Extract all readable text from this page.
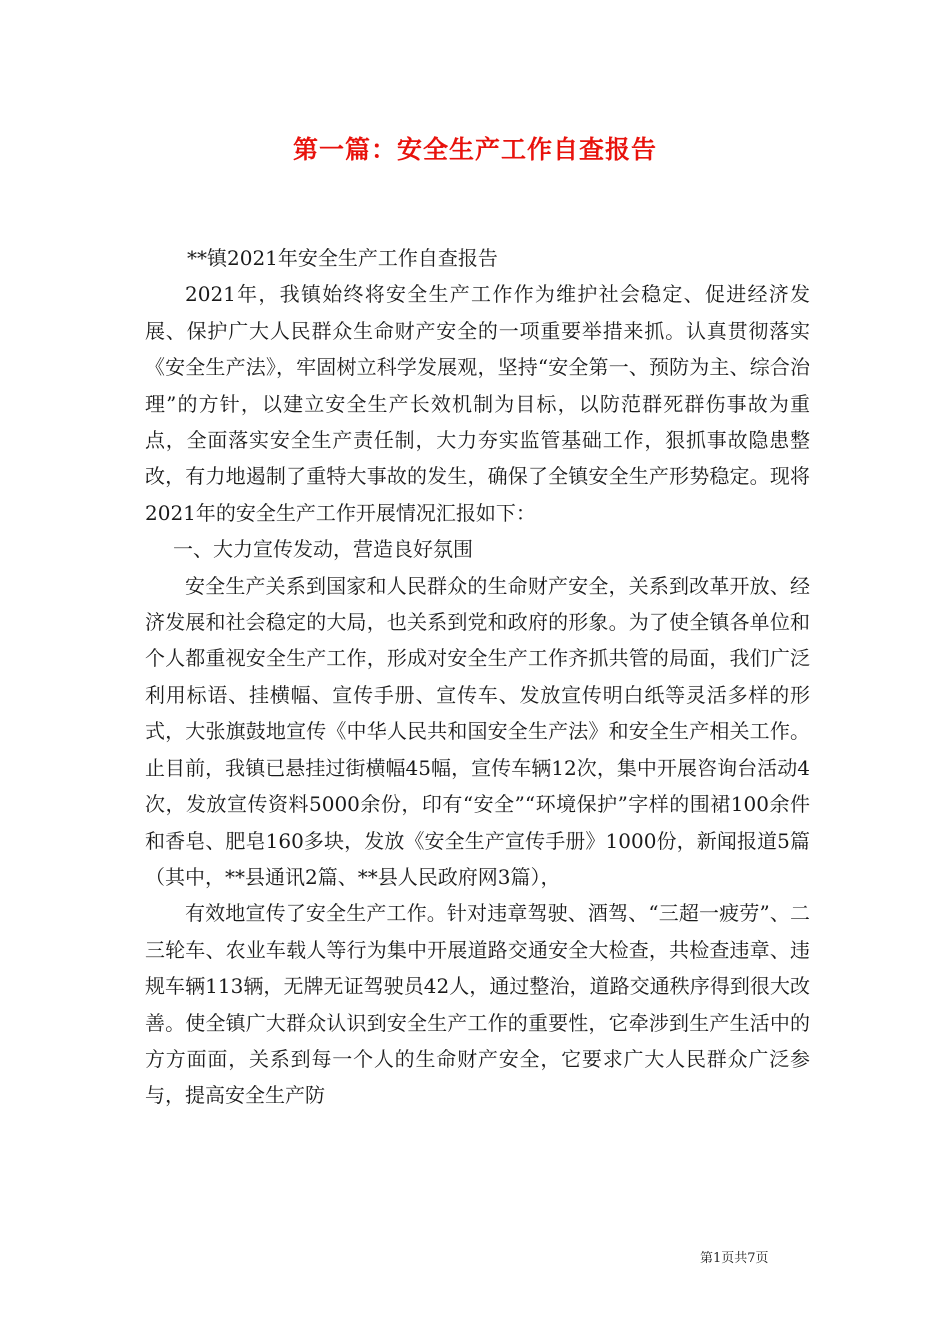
第一篇：安全生产工作自查报告

**镇2021年安全生产工作自查报告

2021年，我镇始终将安全生产工作作为维护社会稳定、促进经济发展、保护广大人民群众生命财产安全的一项重要举措来抓。认真贯彻落实《安全生产法》，牢固树立科学发展观，坚持“安全第一、预防为主、综合治理”的方针，以建立安全生产长效机制为目标，以防范群死群伤事故为重点，全面落实安全生产责任制，大力夯实监管基础工作，狠抓事故隐患整改，有力地遏制了重特大事故的发生，确保了全镇安全生产形势稳定。现将2021年的安全生产工作开展情况汇报如下：

一、大力宣传发动，营造良好氛围

安全生产关系到国家和人民群众的生命财产安全，关系到改革开放、经济发展和社会稳定的大局，也关系到党和政府的形象。为了使全镇各单位和个人都重视安全生产工作，形成对安全生产工作齐抓共管的局面，我们广泛利用标语、挂横幅、宣传手册、宣传车、发放宣传明白纸等灵活多样的形式，大张旗鼓地宣传《中华人民共和国安全生产法》和安全生产相关工作。止目前，我镇已悬挂过街横幅45幅，宣传车辆12次，集中开展咨询台活动4次，发放宣传资料5000余份，印有“安全”“环境保护”字样的围裙100余件和香皂、肥皂160多块，发放《安全生产宣传手册》1000份，新闻报道5篇（其中，**县通讯2篇、**县人民政府网3篇），

有效地宣传了安全生产工作。针对违章驾驶、酒驾、“三超一疲劳”、二三轮车、农业车载人等行为集中开展道路交通安全大检查，共检查违章、违规车辆113辆，无牌无证驾驶员42人，通过整治，道路交通秩序得到很大改善。使全镇广大群众认识到安全生产工作的重要性，它牵涉到生产生活中的方方面面，关系到每一个人的生命财产安全，它要求广大人民群众广泛参与，提高安全生产防

第1页共7页
